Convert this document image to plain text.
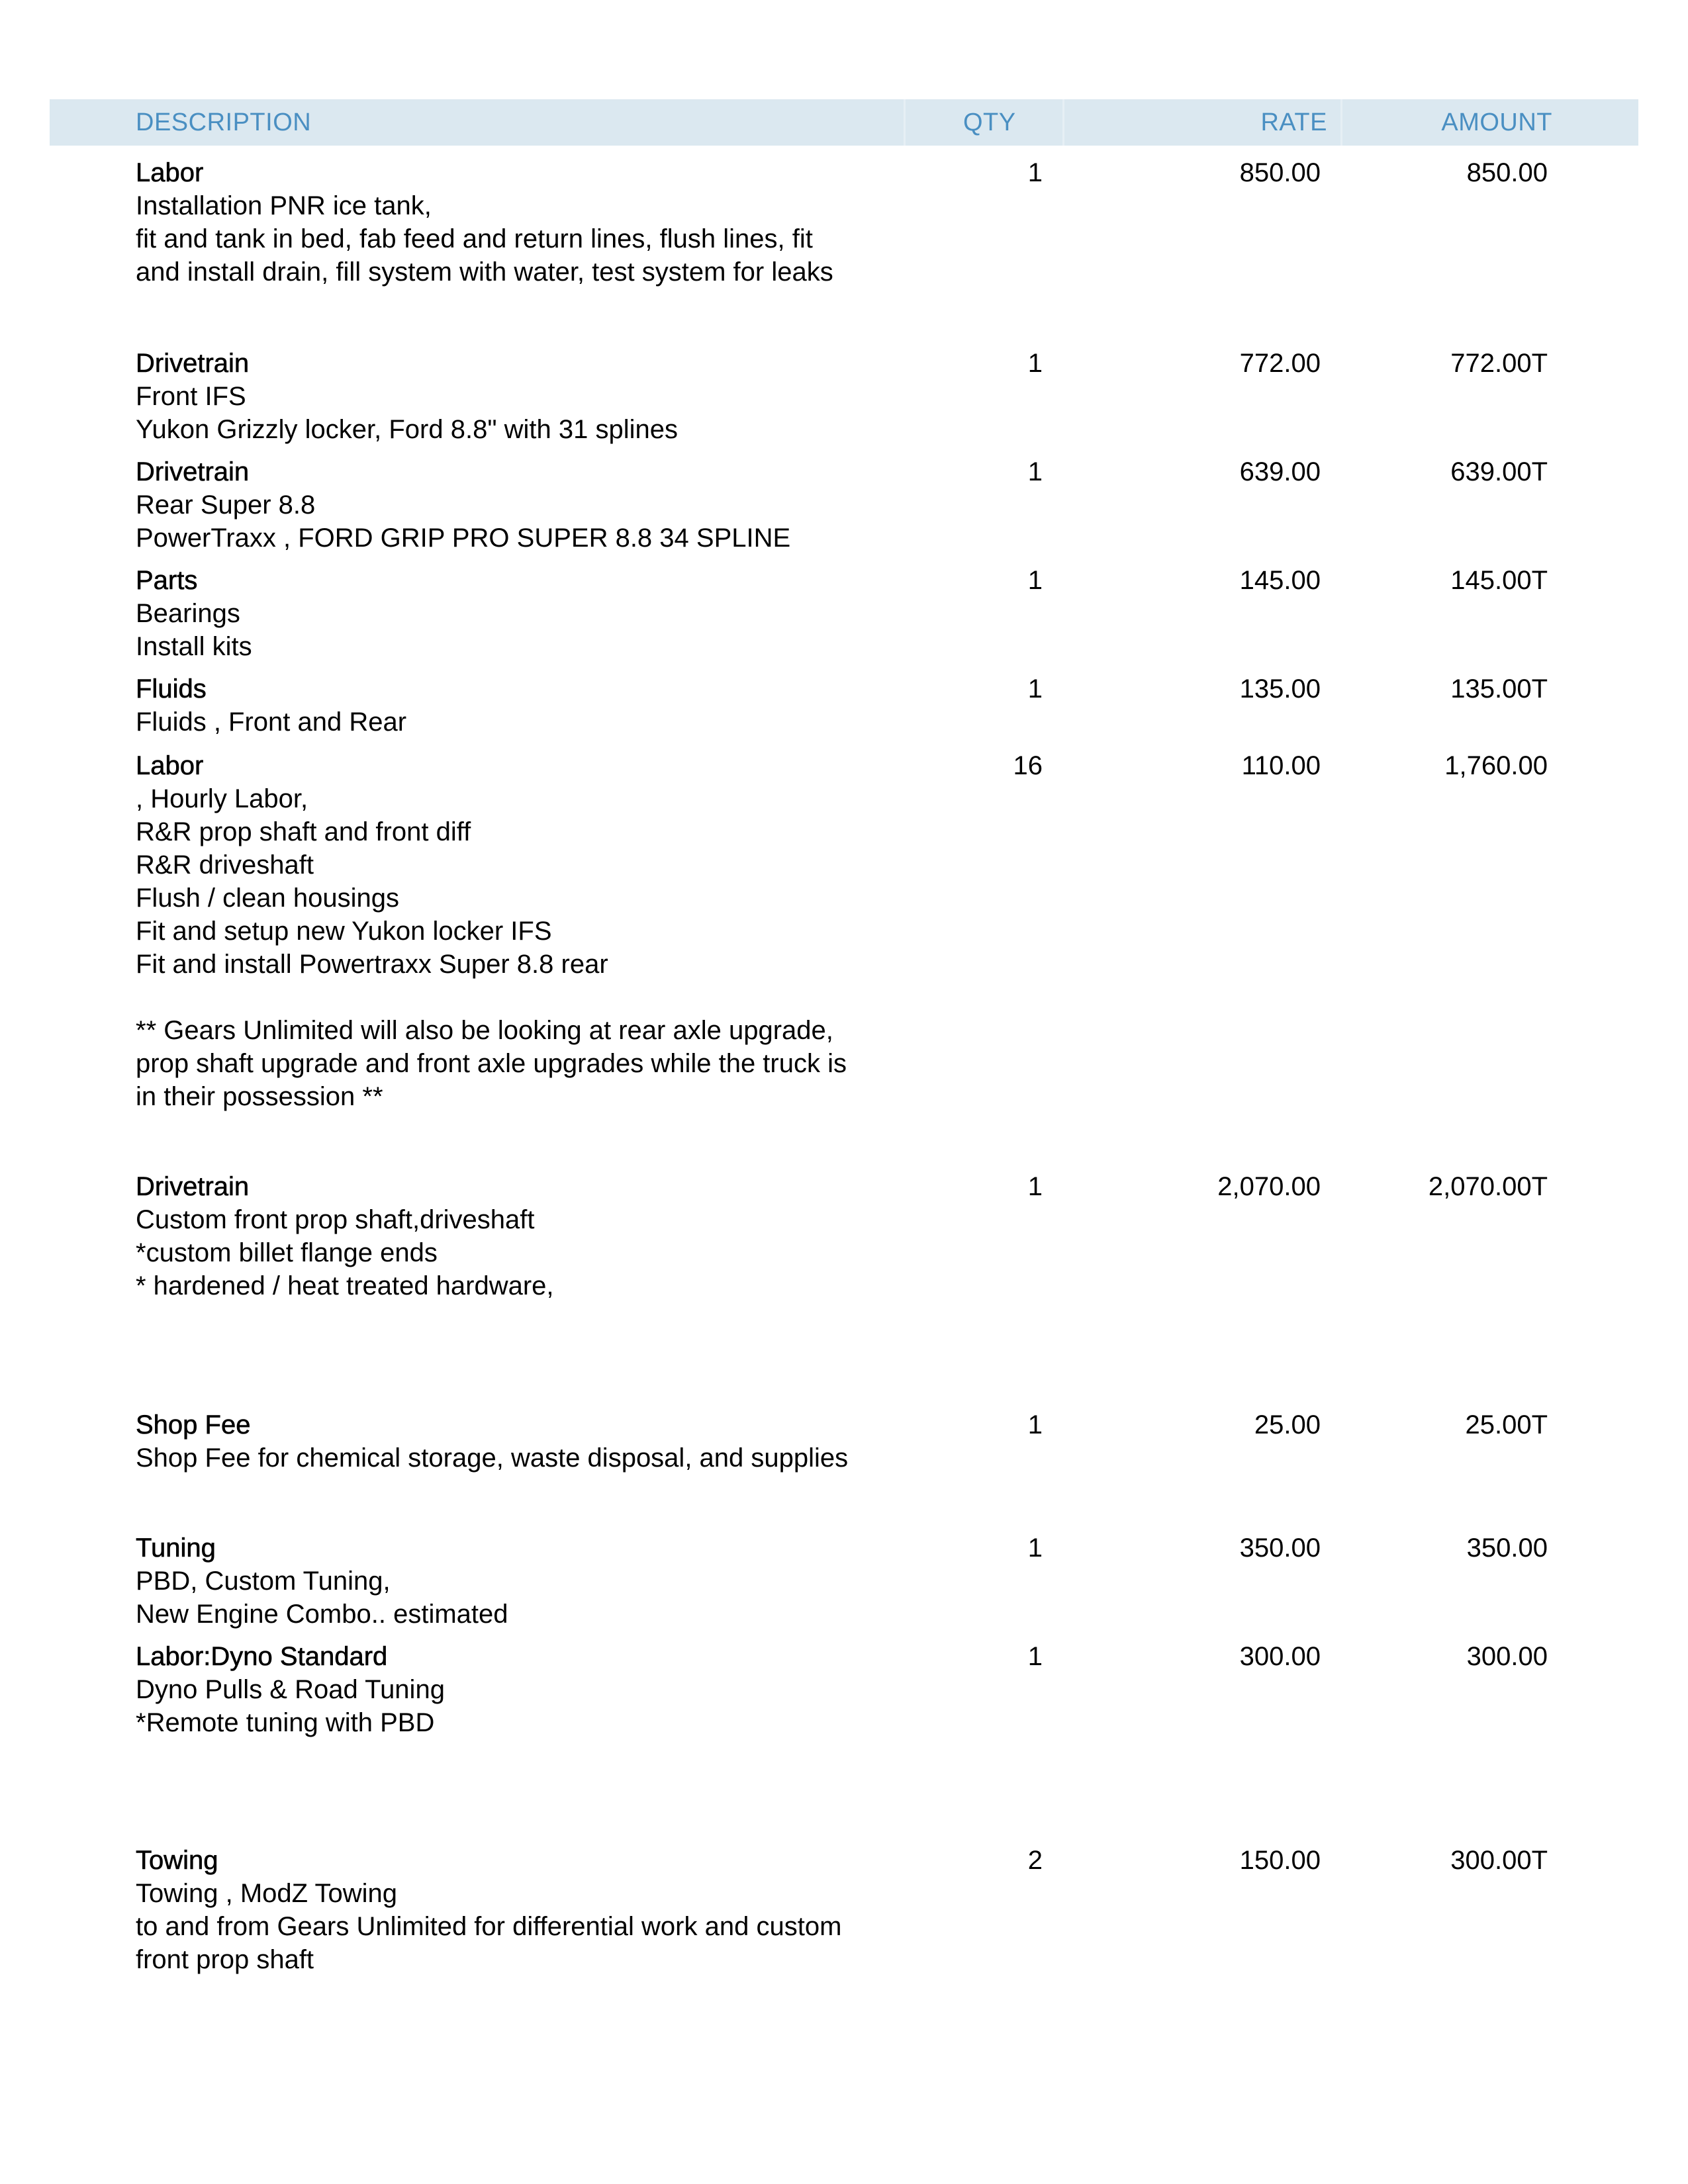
DESCRIPTION	QTY	RATE	AMOUNT
Labor
Installation PNR ice tank,
fit and tank in bed, fab feed and return lines, flush lines, fit
and install drain, fill system with water, test system for leaks
1	850.00	850.00
Drivetrain
Front IFS
Yukon Grizzly locker, Ford 8.8" with 31 splines
1	772.00	772.00T
Drivetrain
Rear Super 8.8
PowerTraxx , FORD GRIP PRO SUPER 8.8 34 SPLINE
1	639.00	639.00T
Parts
Bearings
Install kits
1	145.00	145.00T
Fluids
Fluids , Front and Rear
1	135.00	135.00T
Labor
, Hourly Labor,
R&R prop shaft and front diff
R&R driveshaft
Flush / clean housings
Fit and setup new Yukon locker IFS
Fit and install Powertraxx Super 8.8 rear

** Gears Unlimited will also be looking at rear axle upgrade,
prop shaft upgrade and front axle upgrades while the truck is
in their possession **
16	110.00	1,760.00
Drivetrain
Custom front prop shaft,driveshaft
*custom billet flange ends
* hardened / heat treated hardware,
1	2,070.00	2,070.00T
Shop Fee
Shop Fee for chemical storage, waste disposal, and supplies
1	25.00	25.00T
Tuning
PBD, Custom Tuning,
New Engine Combo.. estimated
1	350.00	350.00
Labor:Dyno Standard
Dyno Pulls & Road Tuning
*Remote tuning with PBD
1	300.00	300.00
Towing
Towing , ModZ Towing
to and from Gears Unlimited for differential work and custom
front prop shaft
2	150.00	300.00T
